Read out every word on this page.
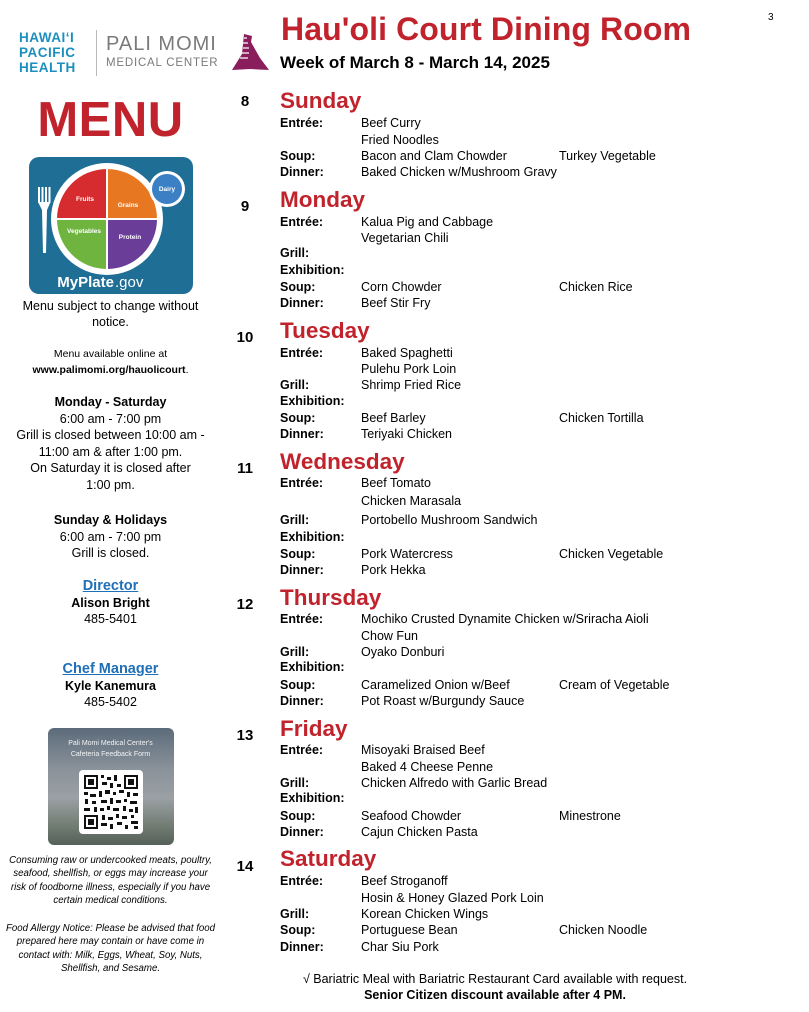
HAWAIʻI
PACIFIC
HEALTH
PALI MOMI
MEDICAL CENTER
3
Hau'oli Court Dining Room
Week of March 8 - March 14, 2025
MENU
Fruits
Grains
Vegetables
Protein
Dairy
MyPlate .gov
Menu subject to change without notice.
Menu available online at
www.palimomi.org/hauolicourt.
Monday - Saturday
6:00 am - 7:00 pm
Grill is closed between 10:00 am - 11:00 am & after 1:00 pm.
On Saturday it is closed after 1:00 pm.
Sunday & Holidays
6:00 am - 7:00 pm
Grill is closed.
Director
Alison Bright
485-5401
Chef Manager
Kyle Kanemura
485-5402
Pali Momi Medical Center's
Cafeteria Feedback Form
Consuming raw or undercooked meats, poultry, seafood, shellfish, or eggs may increase your risk of foodborne illness, especially if you have certain medical conditions.
Food Allergy Notice: Please be advised that food prepared here may contain or have come in contact with: Milk, Eggs, Wheat, Soy, Nuts, Shellfish, and Sesame.
8 Sunday
Entrée:	Beef Curry
Fried Noodles
Soup:	Bacon and Clam Chowder	Turkey Vegetable
Dinner:	Baked Chicken w/Mushroom Gravy
9 Monday
Entrée:	Kalua Pig and Cabbage
Vegetarian Chili
Grill:
Exhibition:
Soup:	Corn Chowder	Chicken Rice
Dinner:	Beef Stir Fry
10 Tuesday
Entrée:	Baked Spaghetti
Pulehu Pork Loin
Grill:	Shrimp Fried Rice
Exhibition:
Soup:	Beef Barley	Chicken Tortilla
Dinner:	Teriyaki Chicken
11 Wednesday
Entrée:	Beef Tomato
Chicken Marasala
Grill:	Portobello Mushroom Sandwich
Exhibition:
Soup:	Pork Watercress	Chicken Vegetable
Dinner:	Pork Hekka
12 Thursday
Entrée:	Mochiko Crusted Dynamite Chicken w/Sriracha Aioli
Chow Fun
Grill:	Oyako Donburi
Exhibition:
Soup:	Caramelized Onion w/Beef	Cream of Vegetable
Dinner:	Pot Roast w/Burgundy Sauce
13 Friday
Entrée:	Misoyaki Braised Beef
Baked 4 Cheese Penne
Grill:	Chicken Alfredo with Garlic Bread
Exhibition:
Soup:	Seafood Chowder	Minestrone
Dinner:	Cajun Chicken Pasta
14 Saturday
Entrée:	Beef Stroganoff
Hosin & Honey Glazed Pork Loin
Grill:	Korean Chicken Wings
Soup:	Portuguese Bean	Chicken Noodle
Dinner:	Char Siu Pork
√ Bariatric Meal with Bariatric Restaurant Card available with request.
Senior Citizen discount available after 4 PM.
